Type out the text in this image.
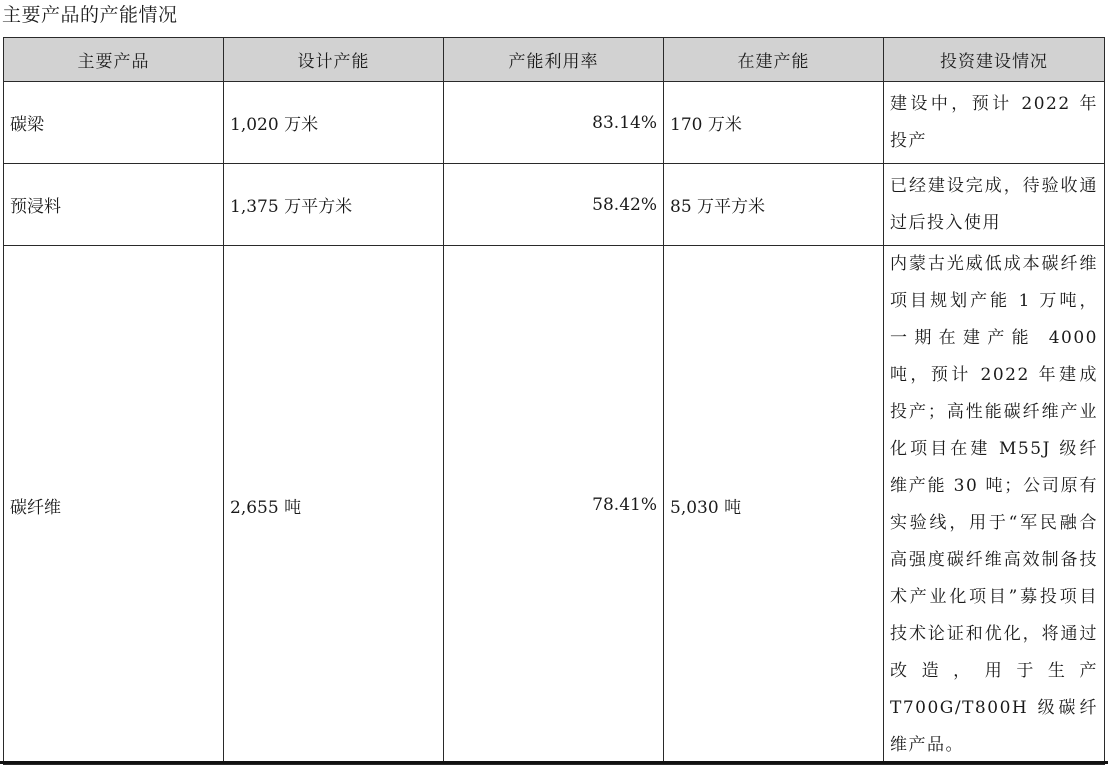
主要产品的产能情况
主要产品	设计产能	产能利用率	在建产能	投资建设情况
碳梁	1,020 万米	83.14%	170 万米	建设中，预计 2022 年投产
预浸料	1,375 万平方米	58.42%	85 万平方米	已经建设完成，待验收通过后投入使用
碳纤维	2,655 吨	78.41%	5,030 吨	内蒙古光威低成本碳纤维项目规划产能 1 万吨，一期在建产能 4000 吨，预计 2022 年建成投产；高性能碳纤维产业化项目在建 M55J 级纤维产能 30 吨；公司原有实验线，用于“军民融合高强度碳纤维高效制备技术产业化项目”募投项目技术论证和优化，将通过改造，用于生产 T700G/T800H 级碳纤维产品。
